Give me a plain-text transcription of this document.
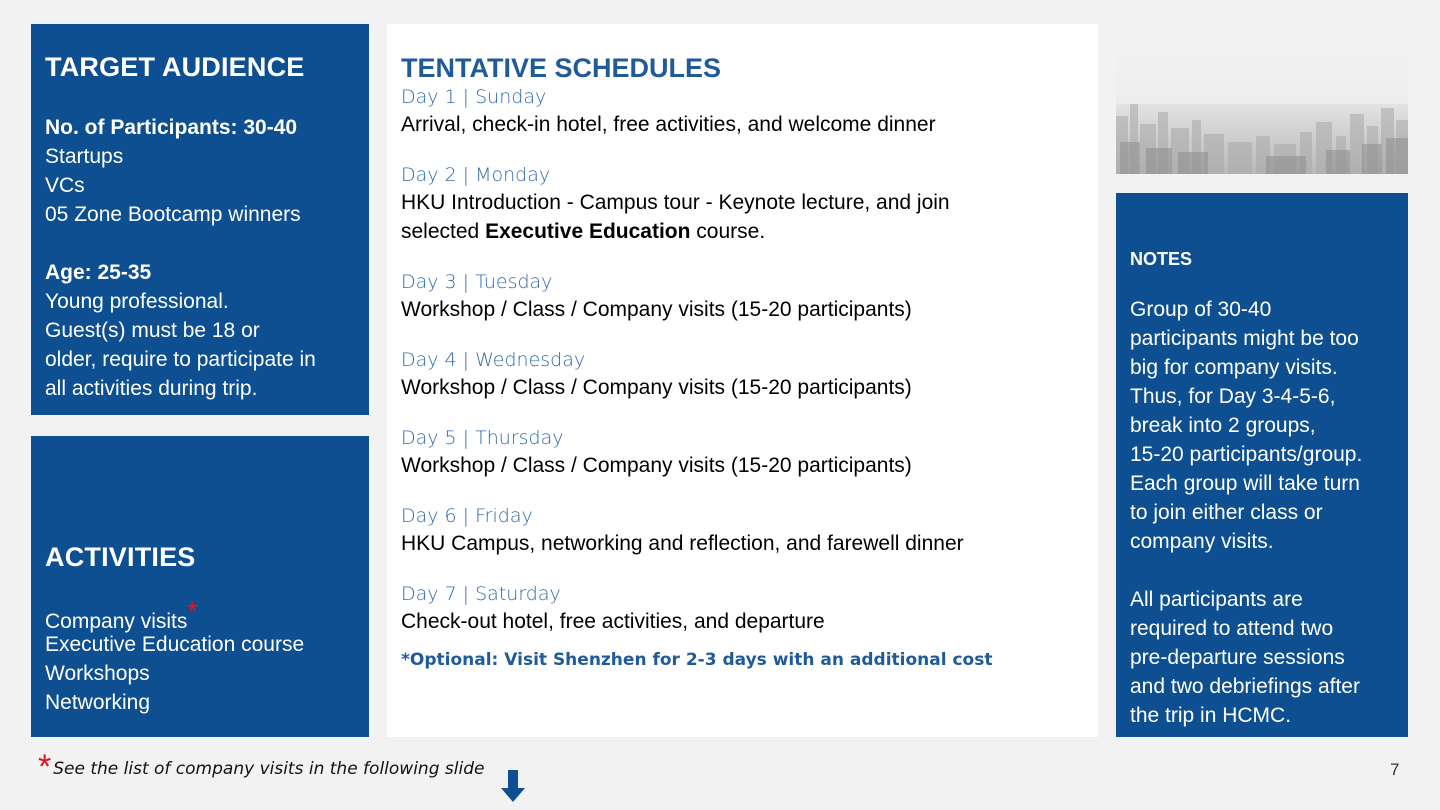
TARGET AUDIENCE
No. of Participants: 30-40
Startups
VCs
05 Zone Bootcamp winners
Age: 25-35
Young professional.
Guest(s) must be 18 or
older, require to participate in
all activities during trip.
ACTIVITIES
Company visits*
Executive Education course
Workshops
Networking
TENTATIVE SCHEDULES
Day 1 | Sunday
Arrival, check-in hotel, free activities, and welcome dinner
Day 2 | Monday
HKU Introduction - Campus tour - Keynote lecture, and join
selected Executive Education course.
Day 3 | Tuesday
Workshop / Class / Company visits (15-20 participants)
Day 4 | Wednesday
Workshop / Class / Company visits (15-20 participants)
Day 5 | Thursday
Workshop / Class / Company visits (15-20 participants)
Day 6 | Friday
HKU Campus, networking and reflection, and farewell dinner
Day 7 | Saturday
Check-out hotel, free activities, and departure
*Optional: Visit Shenzhen for 2-3 days with an additional cost
NOTES
Group of 30-40
participants might be too
big for company visits.
Thus, for Day 3-4-5-6,
break into 2 groups,
15-20 participants/group.
Each group will take turn
to join either class or
company visits.
All participants are
required to attend two
pre-departure sessions
and two debriefings after
the trip in HCMC.
* See the list of company visits in the following slide	7
